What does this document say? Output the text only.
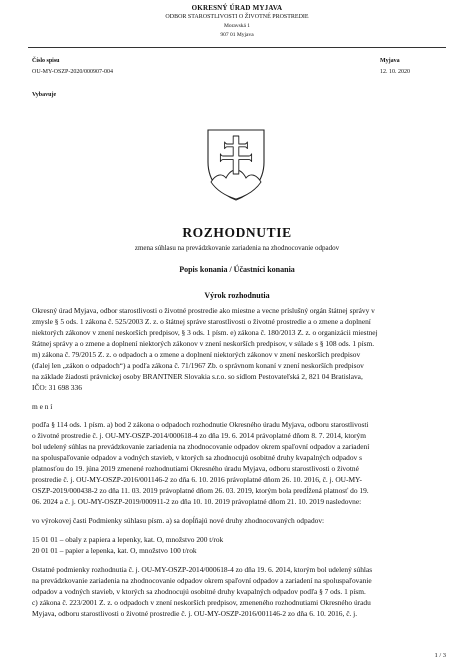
OKRESNÝ ÚRAD MYJAVA
ODBOR STAROSTLIVOSTI O ŽIVOTNÉ PROSTREDIE
Moravská 1
907 01 Myjava
Číslo spisu
OU-MY-OSZP-2020/000907-004
Myjava
12. 10. 2020
Vybavuje
ROZHODNUTIE
zmena súhlasu na prevádzkovanie zariadenia na zhodnocovanie odpadov
Popis konania / Účastníci konania
Výrok rozhodnutia
Okresný úrad Myjava, odbor starostlivosti o životné prostredie ako miestne a vecne príslušný orgán štátnej správy v
zmysle § 5 ods. 1 zákona č. 525/2003 Z. z. o štátnej správe starostlivosti o životné prostredie a o zmene a doplnení
niektorých zákonov v znení neskorších predpisov, § 3 ods. 1 písm. e) zákona č. 180/2013 Z. z. o organizácii miestnej
štátnej správy a o zmene a doplnení niektorých zákonov v znení neskorších predpisov, v súlade s § 108 ods. 1 písm.
m) zákona č. 79/2015 Z. z. o odpadoch a o zmene a doplnení niektorých zákonov v znení neskorších predpisov
(ďalej len „zákon o odpadoch“) a podľa zákona č. 71/1967 Zb. o správnom konaní v znení neskorších predpisov
na základe žiadosti právnickej osoby BRANTNER Slovakia s.r.o. so sídlom Pestovateľská 2, 821 04 Bratislava,
IČO: 31 698 336
m e n í
podľa § 114 ods. 1 písm. a) bod 2 zákona o odpadoch rozhodnutie Okresného úradu Myjava, odboru starostlivosti
o životné prostredie č. j. OU-MY-OSZP-2014/000618-4 zo dňa 19. 6. 2014 právoplatné dňom 8. 7. 2014, ktorým
bol udelený súhlas na prevádzkovanie zariadenia na zhodnocovanie odpadov okrem spaľovní odpadov a zariadení
na spoluspaľovanie odpadov a vodných stavieb, v ktorých sa zhodnocujú osobitné druhy kvapalných odpadov s
platnosťou do 19. júna 2019 zmenené rozhodnutiami Okresného úradu Myjava, odboru starostlivosti o životné
prostredie č. j. OU-MY-OSZP-2016/001146-2 zo dňa 6. 10. 2016 právoplatné dňom 26. 10. 2016, č. j. OU-MY-
OSZP-2019/000438-2 zo dňa 11. 03. 2019 právoplatné dňom 26. 03. 2019, ktorým bola predĺžená platnosť do 19.
06. 2024 a č. j. OU-MY-OSZP-2019/000911-2 zo dňa 10. 10. 2019 právoplatné dňom 21. 10. 2019 nasledovne:
vo výrokovej časti Podmienky súhlasu písm. a) sa dopĺňajú nové druhy zhodnocovaných odpadov:
15 01 01 – obaly z papiera a lepenky, kat. O, množstvo 200 t/rok
20 01 01 – papier a lepenka, kat. O, množstvo 100 t/rok
Ostatné podmienky rozhodnutia č. j. OU-MY-OSZP-2014/000618-4 zo dňa 19. 6. 2014, ktorým bol udelený súhlas
na prevádzkovanie zariadenia na zhodnocovanie odpadov okrem spaľovní odpadov a zariadení na spoluspaľovanie
odpadov a vodných stavieb, v ktorých sa zhodnocujú osobitné druhy kvapalných odpadov podľa § 7 ods. 1 písm.
c) zákona č. 223/2001 Z. z. o odpadoch v znení neskorších predpisov, zmeneného rozhodnutiami Okresného úradu
Myjava, odboru starostlivosti o životné prostredie č. j. OU-MY-OSZP-2016/001146-2 zo dňa 6. 10. 2016, č. j.
1 / 3
